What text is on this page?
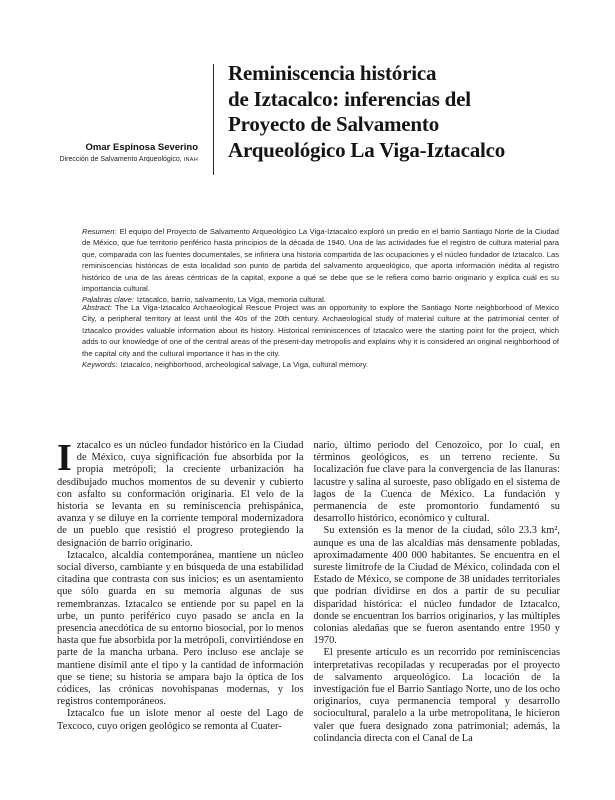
Omar Espinosa Severino
Dirección de Salvamento Arqueológico, INAH
Reminiscencia histórica
de Iztacalco: inferencias del
Proyecto de Salvamento
Arqueológico La Viga-Iztacalco

Resumen: El equipo del Proyecto de Salvamento Arqueológico La Viga-Iztacalco exploró un predio en el barrio Santiago Norte de la Ciudad de México, que fue territorio periférico hasta principios de la década de 1940. Una de las actividades fue el registro de cultura material para que, comparada con las fuentes documentales, se infiriera una historia compartida de las ocupaciones y el núcleo fundador de Iztacalco. Las reminiscencias históricas de esta localidad son punto de partida del salvamento arqueológico, que aporta información inédita al registro histórico de una de las áreas céntricas de la capital, expone a qué se debe que se le refiera como barrio originario y explica cuál es su importancia cultural.

Palabras clave: Iztacalco, barrio, salvamento, La Viga, memoria cultural.

Abstract: The La Viga-Iztacalco Archaeological Rescue Project was an opportunity to explore the Santiago Norte neighborhood of Mexico City, a peripheral territory at least until the 40s of the 20th century. Archaeological study of material culture at the patrimonial center of Iztacalco provides valuable information about its history. Historical reminiscences of Iztacalco were the starting point for the project, which adds to our knowledge of one of the central areas of the present-day metropolis and explains why it is considered an original neighborhood of the capital city and the cultural importance it has in the city.

Keywords: Iztacalco, neighborhood, archeological salvage, La Viga, cultural memory.

Iztacalco es un núcleo fundador histórico en la Ciudad de México, cuya significación fue absorbida por la propia metrópoli; la creciente urbanización ha desdibujado muchos momentos de su devenir y cubierto con asfalto su conformación originaria. El velo de la historia se levanta en su reminiscencia prehispánica, avanza y se diluye en la corriente temporal modernizadora de un pueblo que resistió el progreso protegiendo la designación de barrio originario.

Iztacalco, alcaldía contemporánea, mantiene un núcleo social diverso, cambiante y en búsqueda de una estabilidad citadina que contrasta con sus inicios; es un asentamiento que sólo guarda en su memoria algunas de sus remembranzas. Iztacalco se entiende por su papel en la urbe, un punto periférico cuyo pasado se ancla en la presencia anecdótica de su entorno biosocial, por lo menos hasta que fue absorbida por la metrópoli, convirtiéndose en parte de la mancha urbana. Pero incluso ese anclaje se mantiene disímil ante el tipo y la cantidad de información que se tiene; su historia se ampara bajo la óptica de los códices, las crónicas novohispanas modernas, y los registros contemporáneos.

Iztacalco fue un islote menor al oeste del Lago de Texcoco, cuyo origen geológico se remonta al Cuater-

nario, último periodo del Cenozoico, por lo cual, en términos geológicos, es un terreno reciente. Su localización fue clave para la convergencia de las llanuras: lacustre y salina al suroeste, paso obligado en el sistema de lagos de la Cuenca de México. La fundación y permanencia de este promontorio fundamentó su desarrollo histórico, económico y cultural.

Su extensión es la menor de la ciudad, sólo 23.3 km², aunque es una de las alcaldías más densamente pobladas, aproximadamente 400 000 habitantes. Se encuentra en el sureste limítrofe de la Ciudad de México, colindada con el Estado de México, se compone de 38 unidades territoriales que podrían dividirse en dos a partir de su peculiar disparidad histórica: el núcleo fundador de Iztacalco, donde se encuentran los barrios originarios, y las múltiples colonias aledañas que se fueron asentando entre 1950 y 1970.

El presente artículo es un recorrido por reminiscencias interpretativas recopiladas y recuperadas por el proyecto de salvamento arqueológico. La locación de la investigación fue el Barrio Santiago Norte, uno de los ocho originarios, cuya permanencia temporal y desarrollo sociocultural, paralelo a la urbe metropolitana, le hicieron valer que fuera designado zona patrimonial; además, la colindancia directa con el Canal de La
